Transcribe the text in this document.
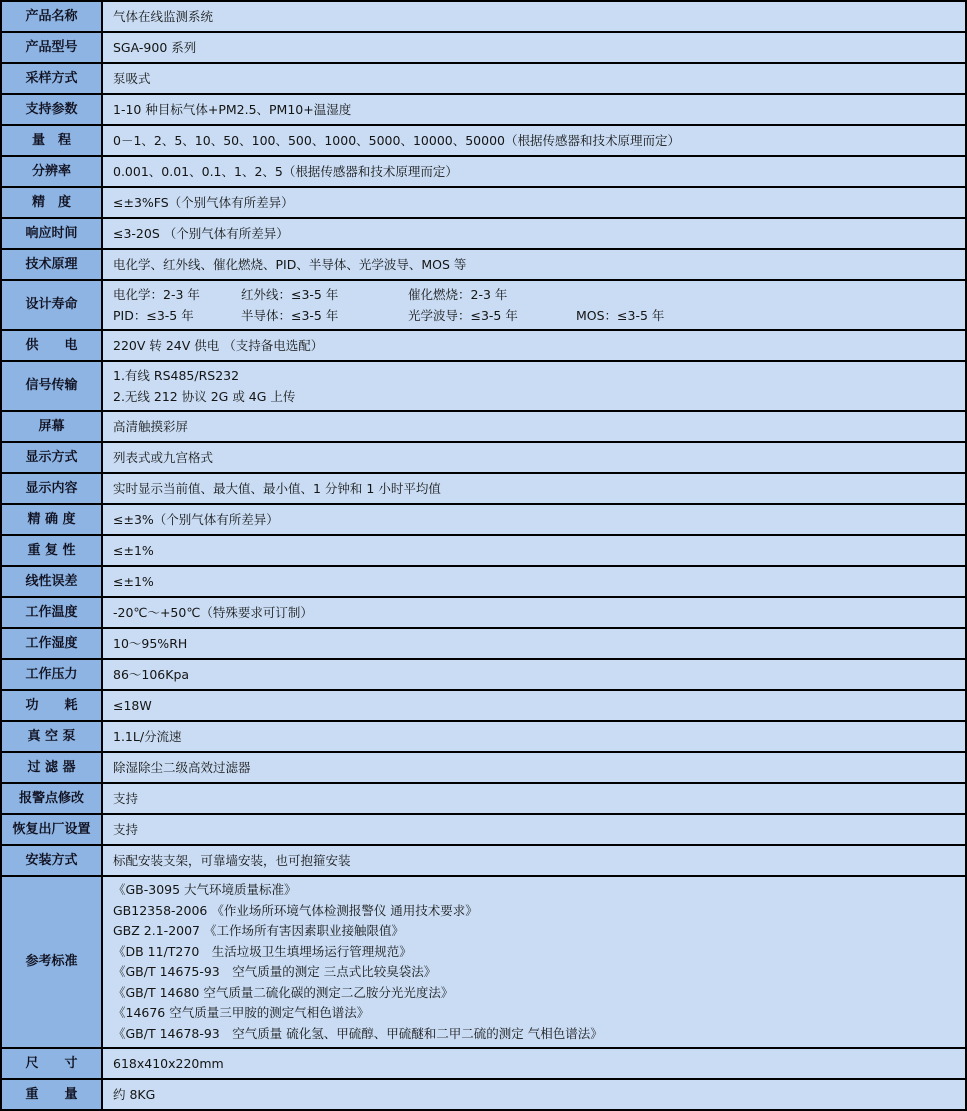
产品名称	气体在线监测系统

产品型号	SGA-900 系列

采样方式	泵吸式

支持参数	1-10 种目标气体+PM2.5、PM10+温湿度

量　程	0－1、2、5、10、50、100、500、1000、5000、10000、50000（根据传感器和技术原理而定）

分辨率	0.001、0.01、0.1、1、2、5（根据传感器和技术原理而定）

精　度	≤±3%FS（个别气体有所差异）

响应时间	≤3-20S （个别气体有所差异）

技术原理	电化学、红外线、催化燃烧、PID、半导体、光学波导、MOS 等

设计寿命	电化学：2-3 年 红外线：≤3-5 年 催化燃烧：2-3 年
PID：≤3-5 年 半导体：≤3-5 年 光学波导：≤3-5 年 MOS：≤3-5 年

供　　电	220V 转 24V 供电 （支持备电选配）

信号传输	1.有线 RS485/RS232
2.无线 212 协议 2G 或 4G 上传

屏幕	高清触摸彩屏

显示方式	列表式或九宫格式

显示内容	实时显示当前值、最大值、最小值、1 分钟和 1 小时平均值

精 确 度	≤±3%（个别气体有所差异）

重 复 性	≤±1%

线性误差	≤±1%

工作温度	-20℃～+50℃（特殊要求可订制）

工作湿度	10～95%RH

工作压力	86～106Kpa

功　　耗	≤18W

真 空 泵	1.1L/分流速

过 滤 器	除湿除尘二级高效过滤器

报警点修改	支持

恢复出厂设置	支持

安装方式	标配安装支架，可靠墙安装，也可抱箍安装

参考标准	
《GB-3095 大气环境质量标准》
GB12358-2006 《作业场所环境气体检测报警仪 通用技术要求》
GBZ 2.1-2007 《工作场所有害因素职业接触限值》
《DB 11/T270　生活垃圾卫生填埋场运行管理规范》
《GB/T 14675-93　空气质量的测定 三点式比较臭袋法》
《GB/T 14680 空气质量二硫化碳的测定二乙胺分光光度法》
《14676 空气质量三甲胺的测定气相色谱法》
《GB/T 14678-93　空气质量 硫化氢、甲硫醇、甲硫醚和二甲二硫的测定 气相色谱法》

尺　　寸	618x410x220mm

重　　量	约 8KG
